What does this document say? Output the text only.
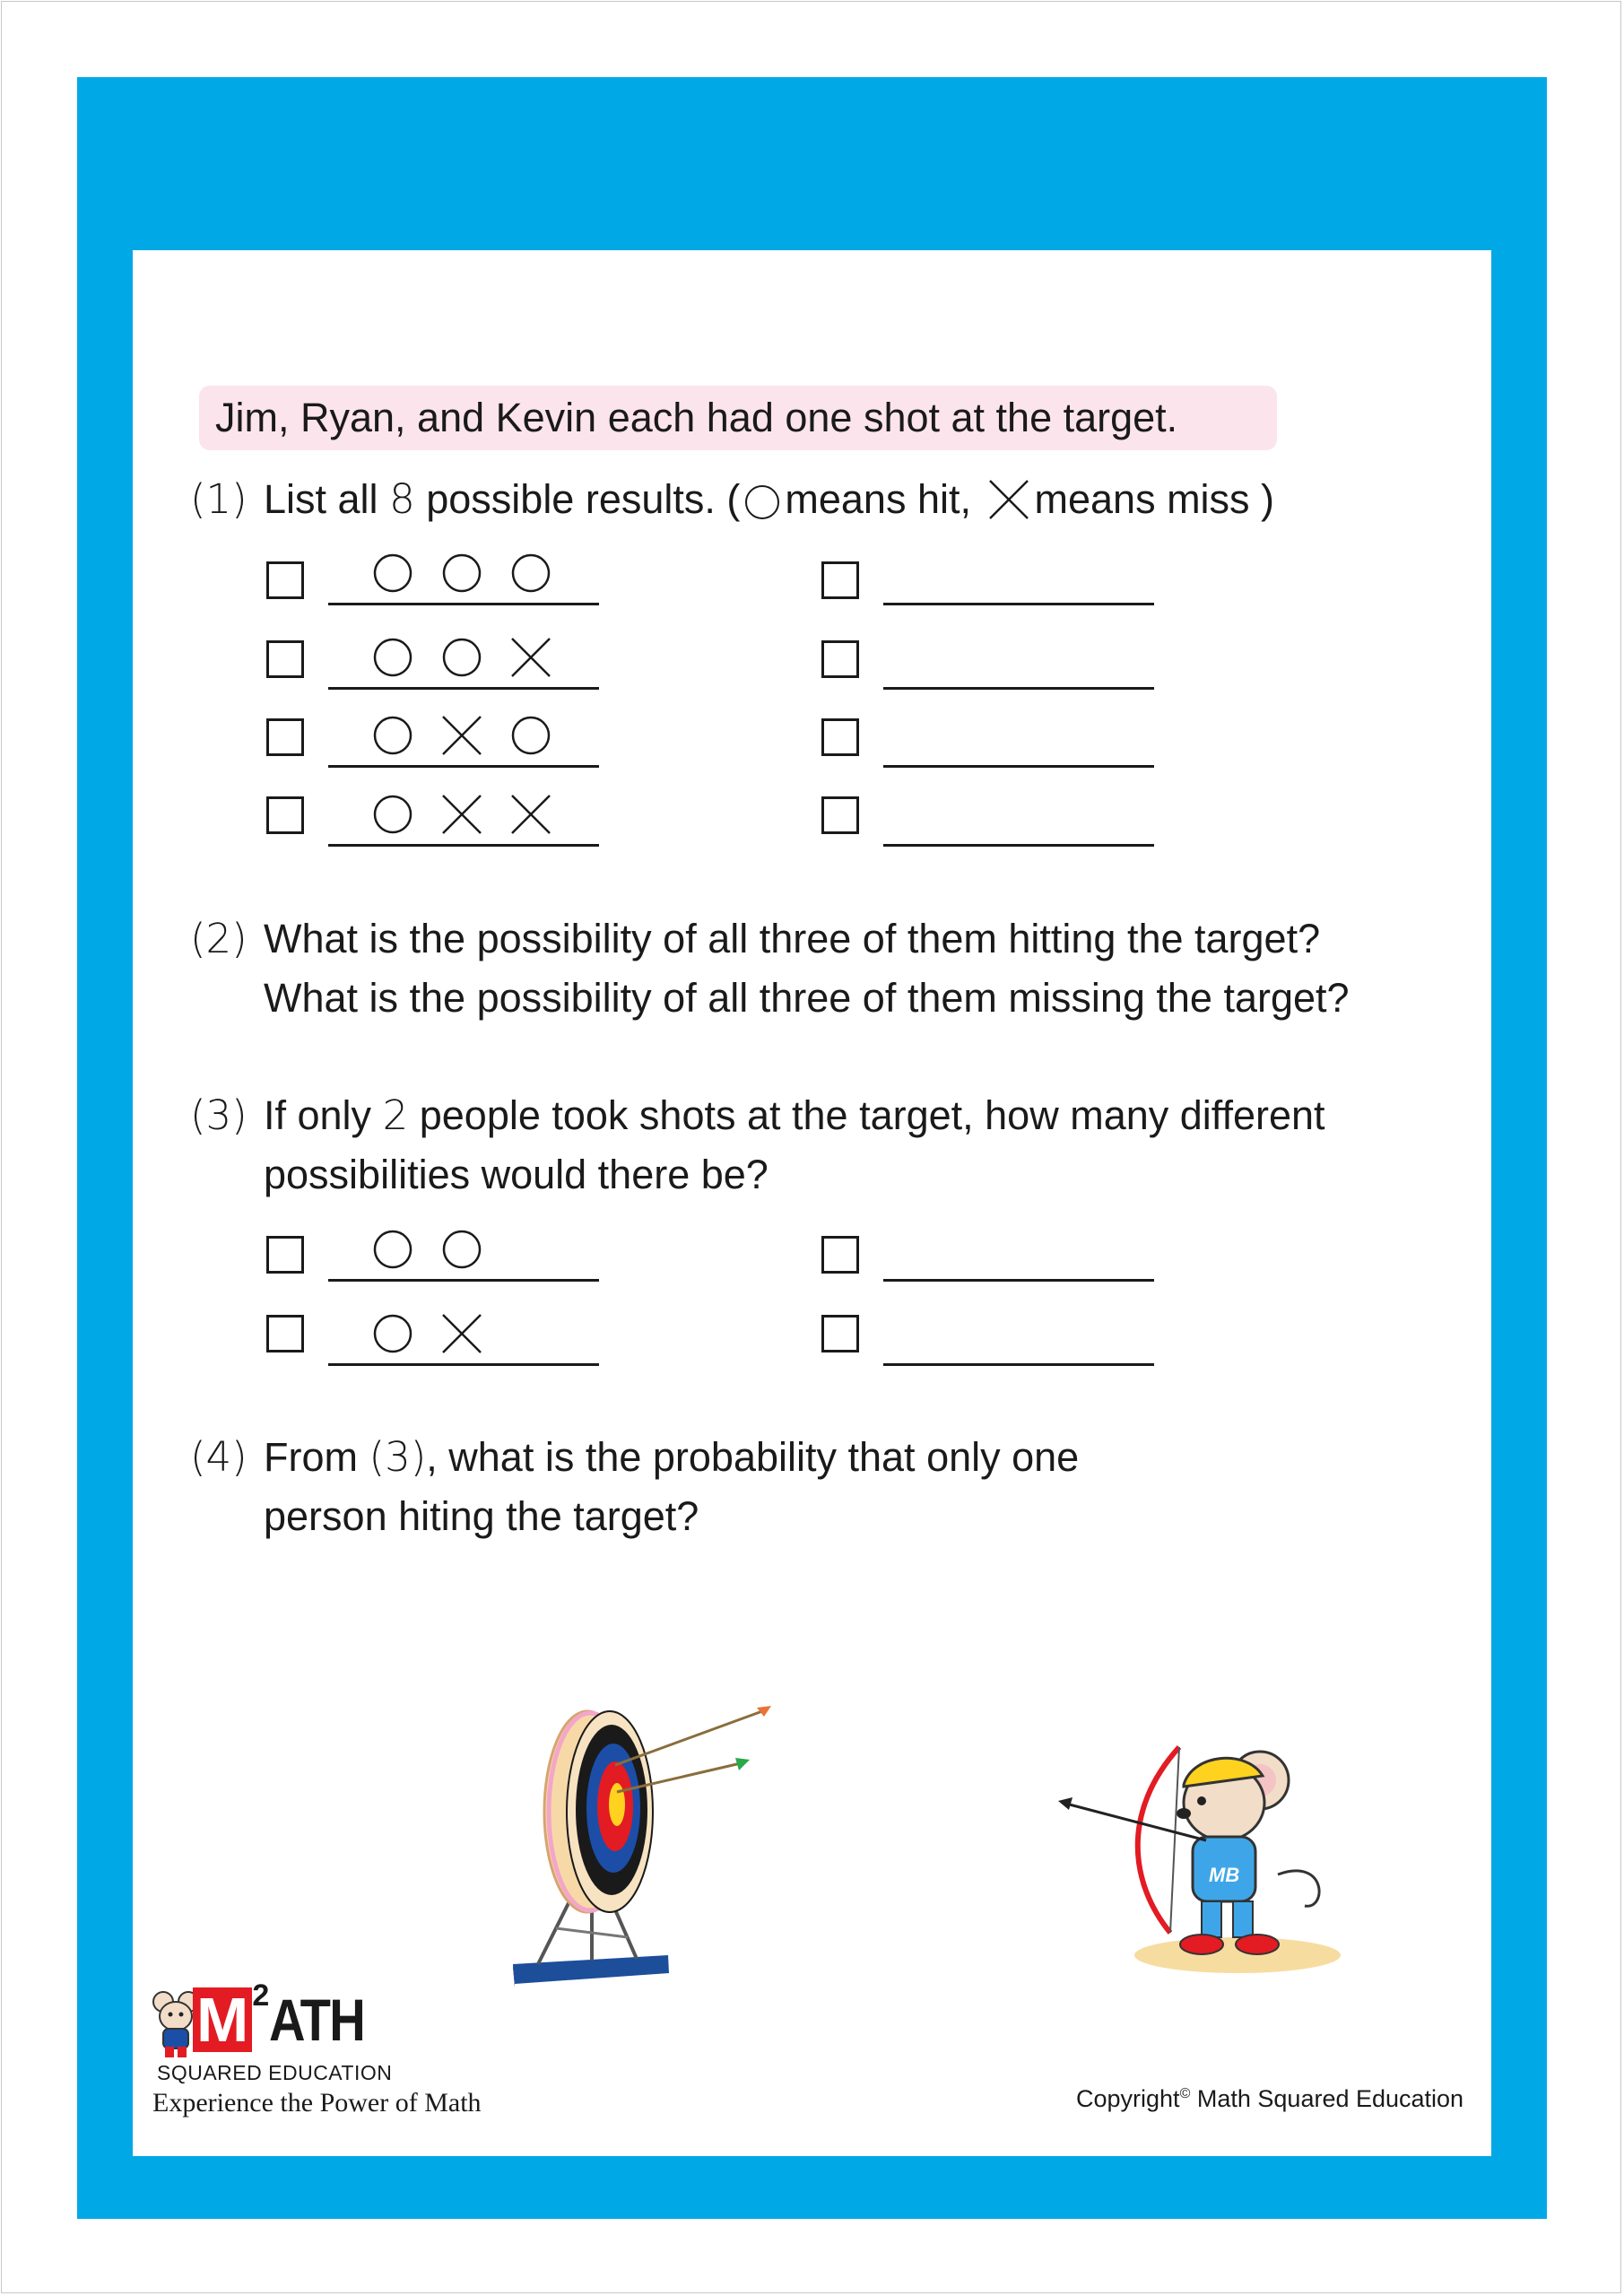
Jim, Ryan, and Kevin each had one shot at the target.
(1) List all 8 possible results. ( means hit, means miss )
(2) What is the possibility of all three of them hitting the target?
What is the possibility of all three of them missing the target?
(3) If only 2 people took shots at the target, how many different
possibilities would there be?
(4) From (3), what is the probability that only one
person hiting the target?
MB
M 2ATH
SQUARED EDUCATION
Experience the Power of Math	Copyright© Math Squared Education
